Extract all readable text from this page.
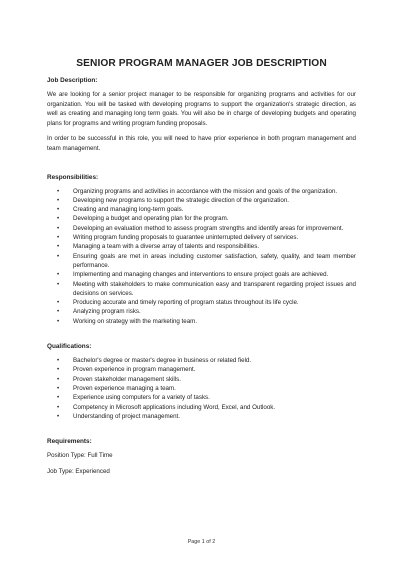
SENIOR PROGRAM MANAGER JOB DESCRIPTION
Job Description:

We are looking for a senior project manager to be responsible for organizing programs and activities for our organization. You will be tasked with developing programs to support the organization's strategic direction, as well as creating and managing long term goals. You will also be in charge of developing budgets and operating plans for programs and writing program funding proposals.

In order to be successful in this role, you will need to have prior experience in both program management and team management.

Responsibilities:
• Organizing programs and activities in accordance with the mission and goals of the organization.
• Developing new programs to support the strategic direction of the organization.
• Creating and managing long-term goals.
• Developing a budget and operating plan for the program.
• Developing an evaluation method to assess program strengths and identify areas for improvement.
• Writing program funding proposals to guarantee uninterrupted delivery of services.
• Managing a team with a diverse array of talents and responsibilities.
• Ensuring goals are met in areas including customer satisfaction, safety, quality, and team member performance.
• Implementing and managing changes and interventions to ensure project goals are achieved.
• Meeting with stakeholders to make communication easy and transparent regarding project issues and decisions on services.
• Producing accurate and timely reporting of program status throughout its life cycle.
• Analyzing program risks.
• Working on strategy with the marketing team.
Qualifications:
• Bachelor's degree or master's degree in business or related field.
• Proven experience in program management.
• Proven stakeholder management skills.
• Proven experience managing a team.
• Experience using computers for a variety of tasks.
• Competency in Microsoft applications including Word, Excel, and Outlook.
• Understanding of project management.
Requirements:

Position Type: Full Time

Job Type: Experienced

Page 1 of 2
